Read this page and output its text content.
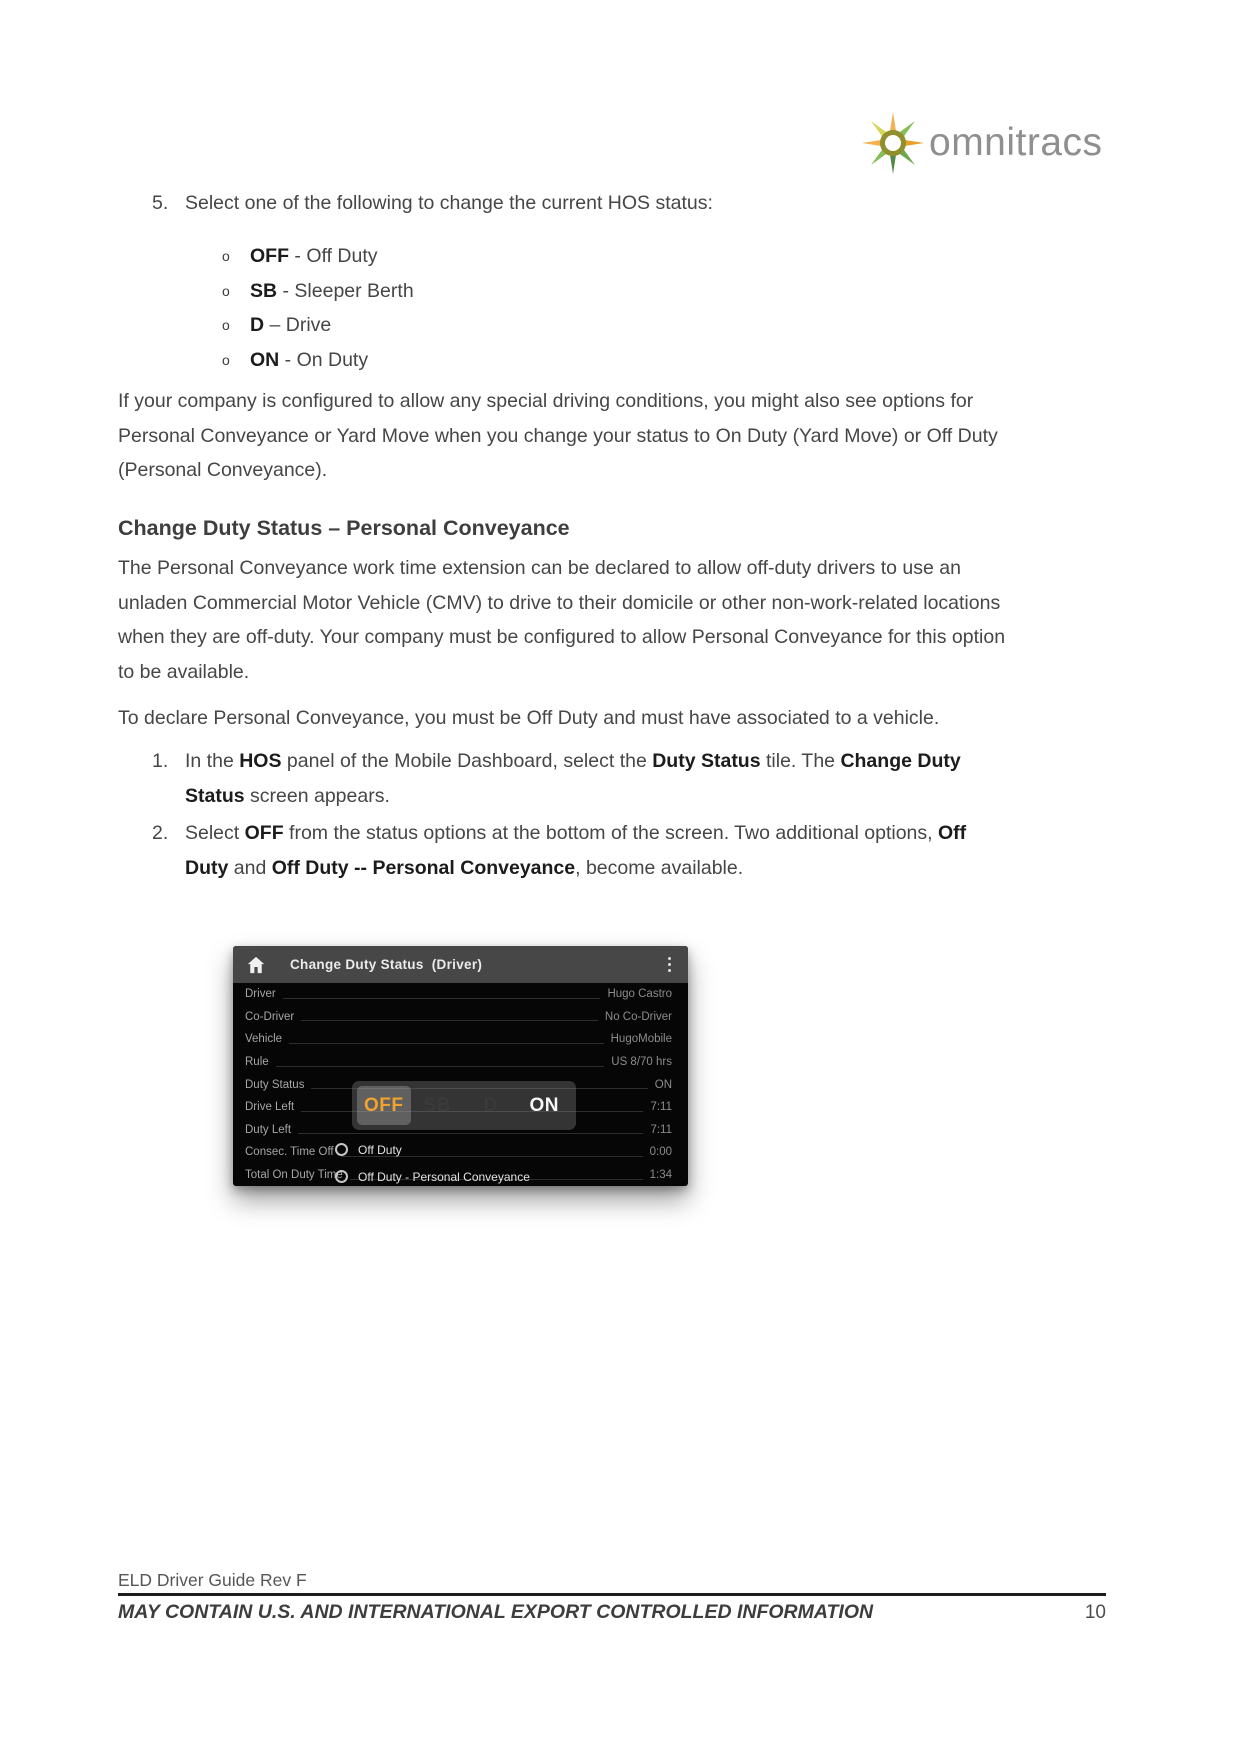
omnitracs
5. Select one of the following to change the current HOS status:
o OFF - Off Duty
o SB - Sleeper Berth
o D – Drive
o ON - On Duty

If your company is configured to allow any special driving conditions, you might also see options for Personal Conveyance or Yard Move when you change your status to On Duty (Yard Move) or Off Duty (Personal Conveyance).

Change Duty Status – Personal Conveyance

The Personal Conveyance work time extension can be declared to allow off-duty drivers to use an unladen Commercial Motor Vehicle (CMV) to drive to their domicile or other non-work-related locations when they are off-duty. Your company must be configured to allow Personal Conveyance for this option to be available.

To declare Personal Conveyance, you must be Off Duty and must have associated to a vehicle.

1. In the HOS panel of the Mobile Dashboard, select the Duty Status tile. The Change Duty Status screen appears.
2. Select OFF from the status options at the bottom of the screen. Two additional options, Off Duty and Off Duty -- Personal Conveyance, become available.
Change Duty Status  (Driver)
Driver	Hugo Castro
Co-Driver	No Co-Driver
Vehicle	HugoMobile
Rule	US 8/70 hrs
Duty Status	ON
Drive Left	7:11
Duty Left	7:11
Consec. Time Off	0:00
Total On Duty Time	1:34
OFF	SB	D	ON
Off Duty
Off Duty - Personal Conveyance
ELD Driver Guide Rev F
MAY CONTAIN U.S. AND INTERNATIONAL EXPORT CONTROLLED INFORMATION	10
